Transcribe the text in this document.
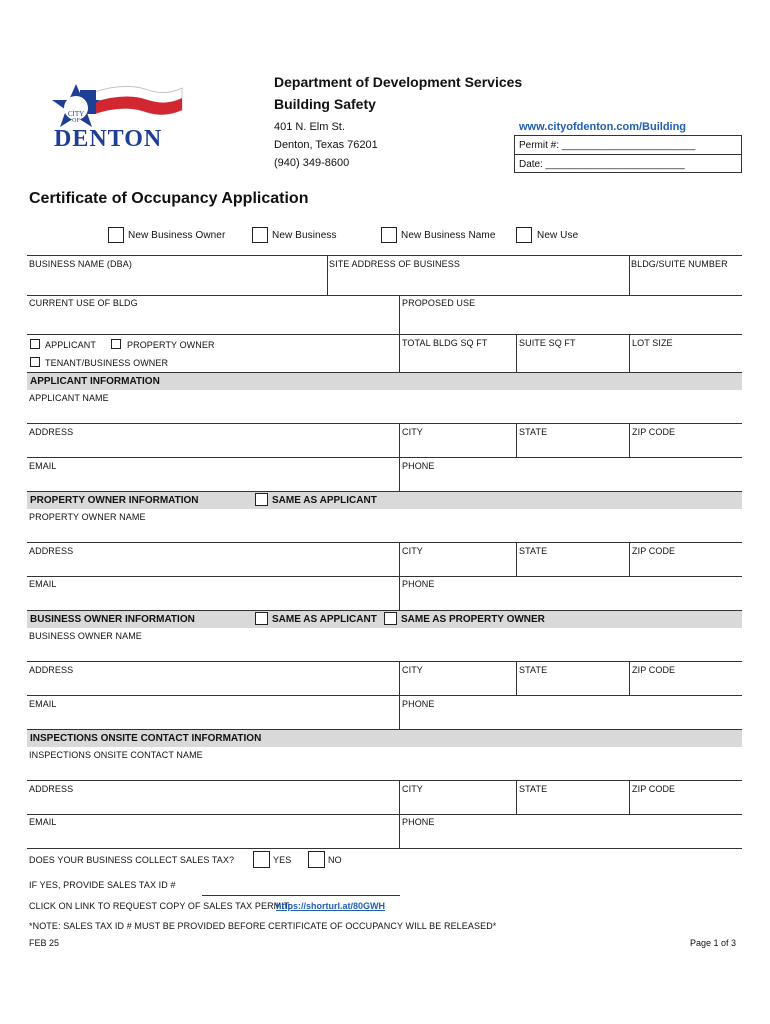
CITY
OF
DENTON
Department of Development Services
Building Safety
401 N. Elm St.
Denton, Texas 76201
(940) 349-8600
www.cityofdenton.com/Building
Permit #: ________________________
Date: _________________________
Certificate of Occupancy Application
New Business Owner	New Business	New Business Name	New Use
BUSINESS NAME (DBA)	SITE ADDRESS OF BUSINESS	BLDG/SUITE NUMBER
CURRENT USE OF BLDG	PROPOSED USE
APPLICANT	PROPERTY OWNER
TENANT/BUSINESS OWNER
TOTAL BLDG SQ FT	SUITE SQ FT	LOT SIZE
APPLICANT INFORMATION
APPLICANT NAME
ADDRESS	CITY	STATE	ZIP CODE
EMAIL	PHONE
PROPERTY OWNER INFORMATION	SAME AS APPLICANT
PROPERTY OWNER NAME
ADDRESS	CITY	STATE	ZIP CODE
EMAIL	PHONE
BUSINESS OWNER INFORMATION	SAME AS APPLICANT SAME AS PROPERTY OWNER
BUSINESS OWNER NAME
ADDRESS	CITY	STATE	ZIP CODE
EMAIL	PHONE
INSPECTIONS ONSITE CONTACT INFORMATION
INSPECTIONS ONSITE CONTACT NAME
ADDRESS	CITY	STATE	ZIP CODE
EMAIL	PHONE
DOES YOUR BUSINESS COLLECT SALES TAX?	YES	NO
IF YES, PROVIDE SALES TAX ID #
CLICK ON LINK TO REQUEST COPY OF SALES TAX PERMIT:
https://shorturl.at/80GWH
*NOTE: SALES TAX ID # MUST BE PROVIDED BEFORE CERTIFICATE OF OCCUPANCY WILL BE RELEASED*
FEB 25	Page 1 of 3
